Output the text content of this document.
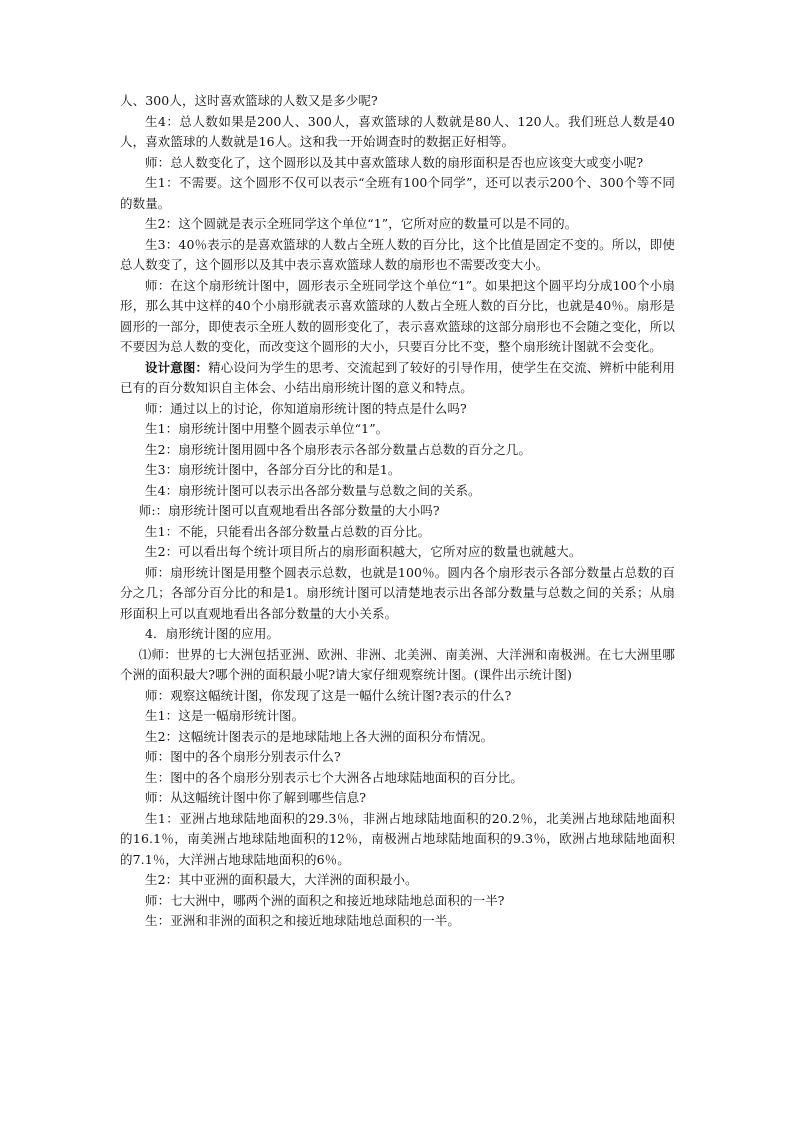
人、300人，这时喜欢篮球的人数又是多少呢?

生4：总人数如果是200人、300人，喜欢篮球的人数就是80人、120人。我们班总人数是40人，喜欢篮球的人数就是16人。这和我一开始调查时的数据正好相等。

师：总人数变化了，这个圆形以及其中喜欢篮球人数的扇形面积是否也应该变大或变小呢?

生1：不需要。这个圆形不仅可以表示“全班有100个同学”，还可以表示200个、300个等不同的数量。

生2：这个圆就是表示全班同学这个单位“1”，它所对应的数量可以是不同的。

生3：40％表示的是喜欢篮球的人数占全班人数的百分比，这个比值是固定不变的。所以，即使总人数变了，这个圆形以及其中表示喜欢篮球人数的扇形也不需要改变大小。

师：在这个扇形统计图中，圆形表示全班同学这个单位“1”。如果把这个圆平均分成100个小扇形，那么其中这样的40个小扇形就表示喜欢篮球的人数占全班人数的百分比，也就是40％。扇形是圆形的一部分，即使表示全班人数的圆形变化了，表示喜欢篮球的这部分扇形也不会随之变化，所以不要因为总人数的变化，而改变这个圆形的大小，只要百分比不变，整个扇形统计图就不会变化。

设计意图：精心设问为学生的思考、交流起到了较好的引导作用，使学生在交流、辨析中能利用已有的百分数知识自主体会、小结出扇形统计图的意义和特点。

师：通过以上的讨论，你知道扇形统计图的特点是什么吗?

生1：扇形统计图中用整个圆表示单位“1”。

生2：扇形统计图用圆中各个扇形表示各部分数量占总数的百分之几。

生3：扇形统计图中，各部分百分比的和是1。

生4：扇形统计图可以表示出各部分数量与总数之间的关系。

师:：扇形统计图可以直观地看出各部分数量的大小吗?

生1：不能，只能看出各部分数量占总数的百分比。

生2：可以看出每个统计项目所占的扇形面积越大，它所对应的数量也就越大。

师：扇形统计图是用整个圆表示总数，也就是100％。圆内各个扇形表示各部分数量占总数的百分之几；各部分百分比的和是1。扇形统计图可以清楚地表示出各部分数量与总数之间的关系；从扇形面积上可以直观地看出各部分数量的大小关系。

4．扇形统计图的应用。

⑴师：世界的七大洲包括亚洲、欧洲、非洲、北美洲、南美洲、大洋洲和南极洲。在七大洲里哪个洲的面积最大?哪个洲的面积最小呢?请大家仔细观察统计图。(课件出示统计图)

师：观察这幅统计图，你发现了这是一幅什么统计图?表示的什么?

生1：这是一幅扇形统计图。

生2：这幅统计图表示的是地球陆地上各大洲的面积分布情况。

师：图中的各个扇形分别表示什么?

生：图中的各个扇形分别表示七个大洲各占地球陆地面积的百分比。

师：从这幅统计图中你了解到哪些信息?

生1：亚洲占地球陆地面积的29.3％，非洲占地球陆地面积的20.2％，北美洲占地球陆地面积的16.1％，南美洲占地球陆地面积的12％，南极洲占地球陆地面积的9.3％，欧洲占地球陆地面积的7.1％，大洋洲占地球陆地面积的6％。

生2：其中亚洲的面积最大，大洋洲的面积最小。

师：七大洲中，哪两个洲的面积之和接近地球陆地总面积的一半?

生：亚洲和非洲的面积之和接近地球陆地总面积的一半。
